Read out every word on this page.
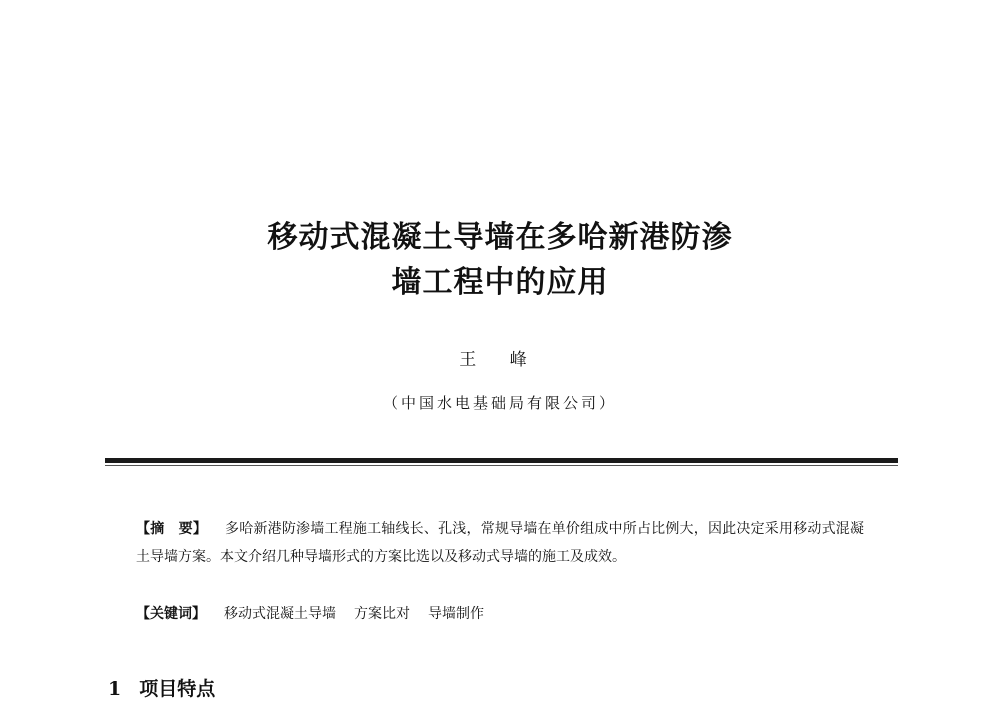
移动式混凝土导墙在多哈新港防渗
墙工程中的应用
王 峰
（中国水电基础局有限公司）
【摘　要】 多哈新港防渗墙工程施工轴线长、孔浅，常规导墙在单价组成中所占比例大，因此决定采用移动式混凝土导墙方案。本文介绍几种导墙形式的方案比选以及移动式导墙的施工及成效。
【关键词】 移动式混凝土导墙 方案比对 导墙制作
1 项目特点
